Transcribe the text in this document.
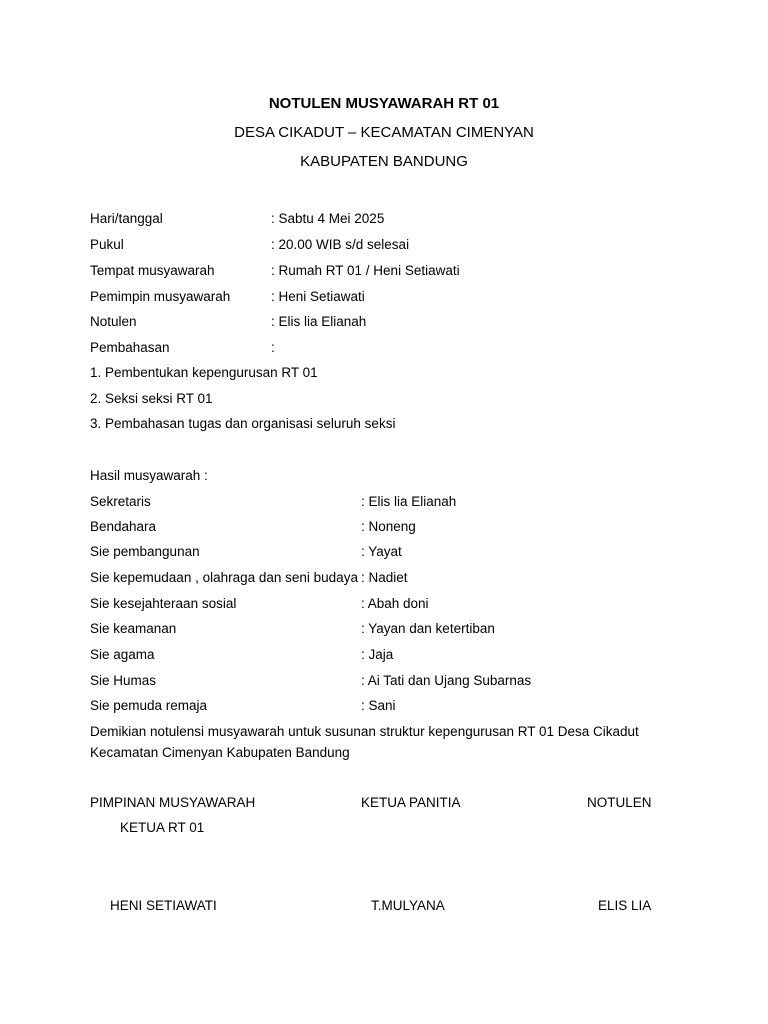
NOTULEN MUSYAWARAH RT 01
DESA CIKADUT – KECAMATAN CIMENYAN
KABUPATEN BANDUNG
Hari/tanggal	: Sabtu 4 Mei 2025
Pukul	: 20.00 WIB s/d selesai
Tempat musyawarah	: Rumah RT 01 / Heni Setiawati
Pemimpin musyawarah	: Heni Setiawati
Notulen	: Elis lia Elianah
Pembahasan	:
1. Pembentukan kepengurusan RT 01
2. Seksi seksi RT 01
3. Pembahasan tugas dan organisasi seluruh seksi
Hasil musyawarah :
Sekretaris	: Elis lia Elianah
Bendahara	: Noneng
Sie pembangunan	: Yayat
Sie kepemudaan , olahraga dan seni budaya : Nadiet
Sie kesejahteraan sosial	: Abah doni
Sie keamanan	: Yayan dan ketertiban
Sie agama	: Jaja
Sie Humas	: Ai Tati dan Ujang Subarnas
Sie pemuda remaja	: Sani
Demikian notulensi musyawarah untuk susunan struktur kepengurusan RT 01 Desa Cikadut Kecamatan Cimenyan Kabupaten Bandung
PIMPINAN MUSYAWARAH	KETUA PANITIA	NOTULEN
KETUA RT 01
HENI SETIAWATI	T.MULYANA	ELIS LIA
